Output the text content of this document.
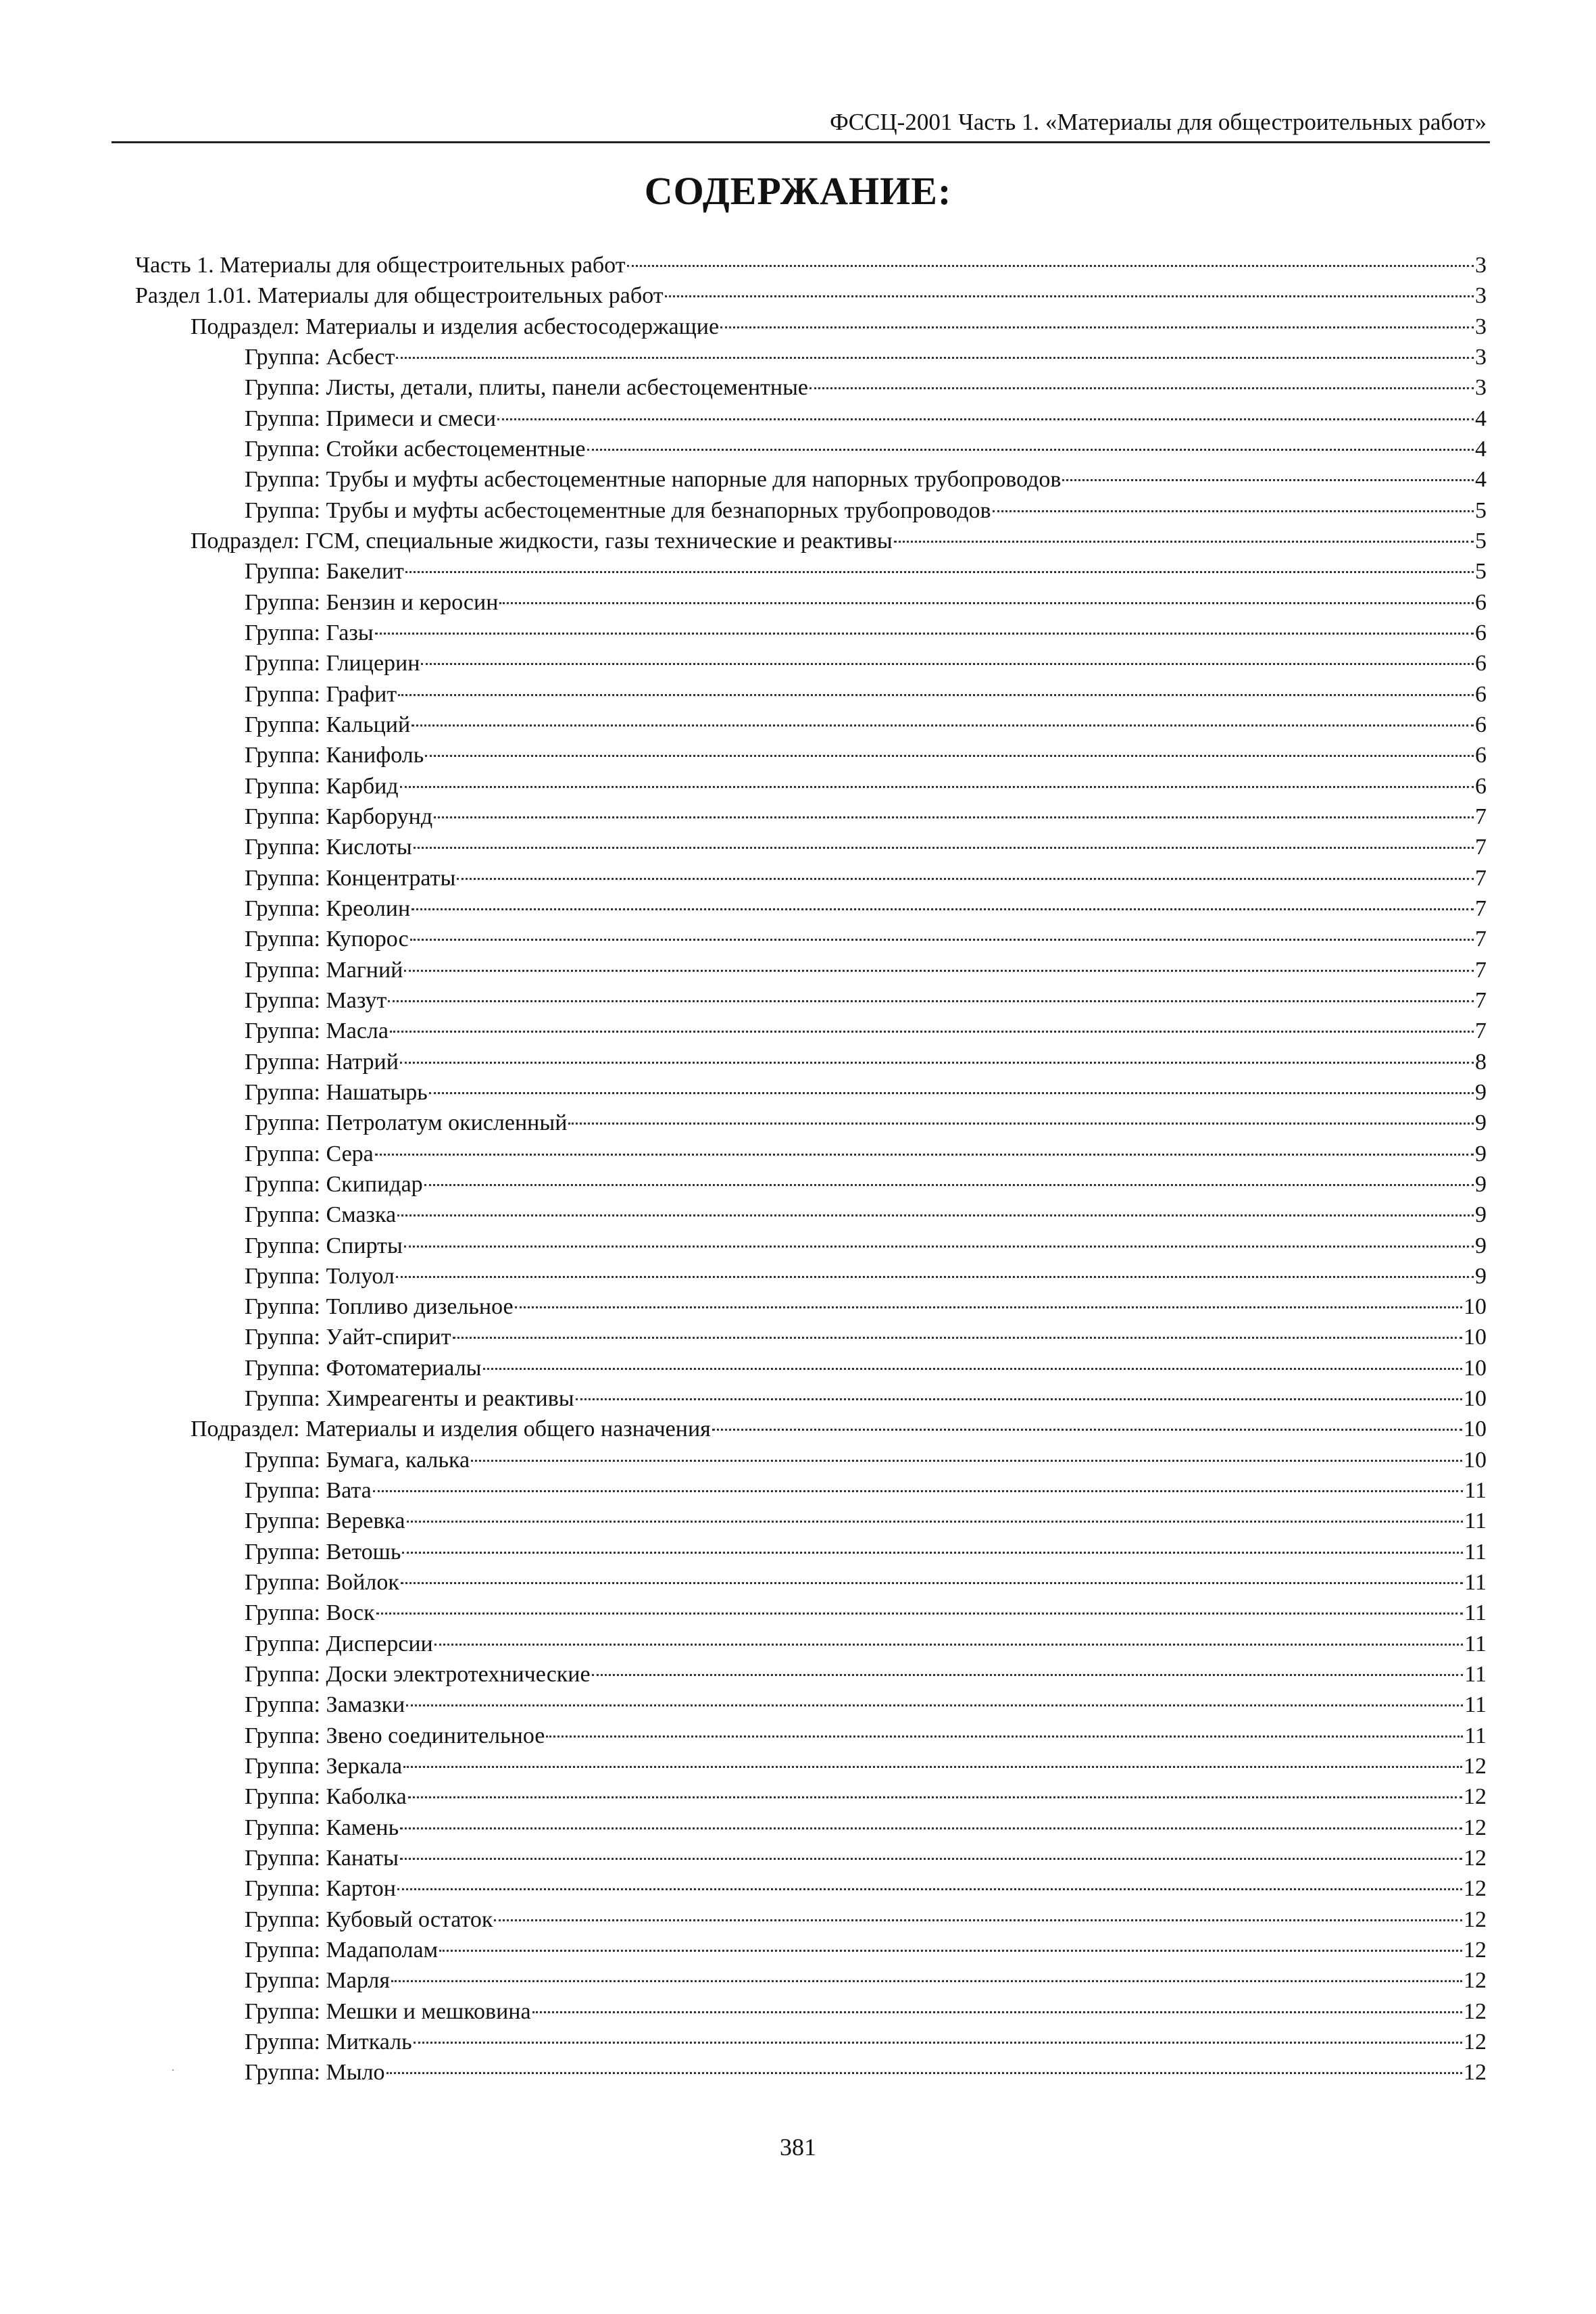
ФССЦ-2001 Часть 1. «Материалы для общестроительных работ»
СОДЕРЖАНИЕ:
Часть 1. Материалы для общестроительных работ	3
Раздел 1.01. Материалы для общестроительных работ	3
Подраздел: Материалы и изделия асбестосодержащие	3
Группа: Асбест	3
Группа: Листы, детали, плиты, панели асбестоцементные	3
Группа: Примеси и смеси	4
Группа: Стойки асбестоцементные	4
Группа: Трубы и муфты асбестоцементные напорные для напорных трубопроводов	4
Группа: Трубы и муфты асбестоцементные для безнапорных трубопроводов	5
Подраздел: ГСМ, специальные жидкости, газы технические и реактивы	5
Группа: Бакелит	5
Группа: Бензин и керосин	6
Группа: Газы	6
Группа: Глицерин	6
Группа: Графит	6
Группа: Кальций	6
Группа: Канифоль	6
Группа: Карбид	6
Группа: Карборунд	7
Группа: Кислоты	7
Группа: Концентраты	7
Группа: Креолин	7
Группа: Купорос	7
Группа: Магний	7
Группа: Мазут	7
Группа: Масла	7
Группа: Натрий	8
Группа: Нашатырь	9
Группа: Петролатум окисленный	9
Группа: Сера	9
Группа: Скипидар	9
Группа: Смазка	9
Группа: Спирты	9
Группа: Толуол	9
Группа: Топливо дизельное	10
Группа: Уайт-спирит	10
Группа: Фотоматериалы	10
Группа: Химреагенты и реактивы	10
Подраздел: Материалы и изделия общего назначения	10
Группа: Бумага, калька	10
Группа: Вата	11
Группа: Веревка	11
Группа: Ветошь	11
Группа: Войлок	11
Группа: Воск	11
Группа: Дисперсии	11
Группа: Доски электротехнические	11
Группа: Замазки	11
Группа: Звено соединительное	11
Группа: Зеркала	12
Группа: Каболка	12
Группа: Камень	12
Группа: Канаты	12
Группа: Картон	12
Группа: Кубовый остаток	12
Группа: Мадаполам	12
Группа: Марля	12
Группа: Мешки и мешковина	12
Группа: Миткаль	12
Группа: Мыло	12
381
